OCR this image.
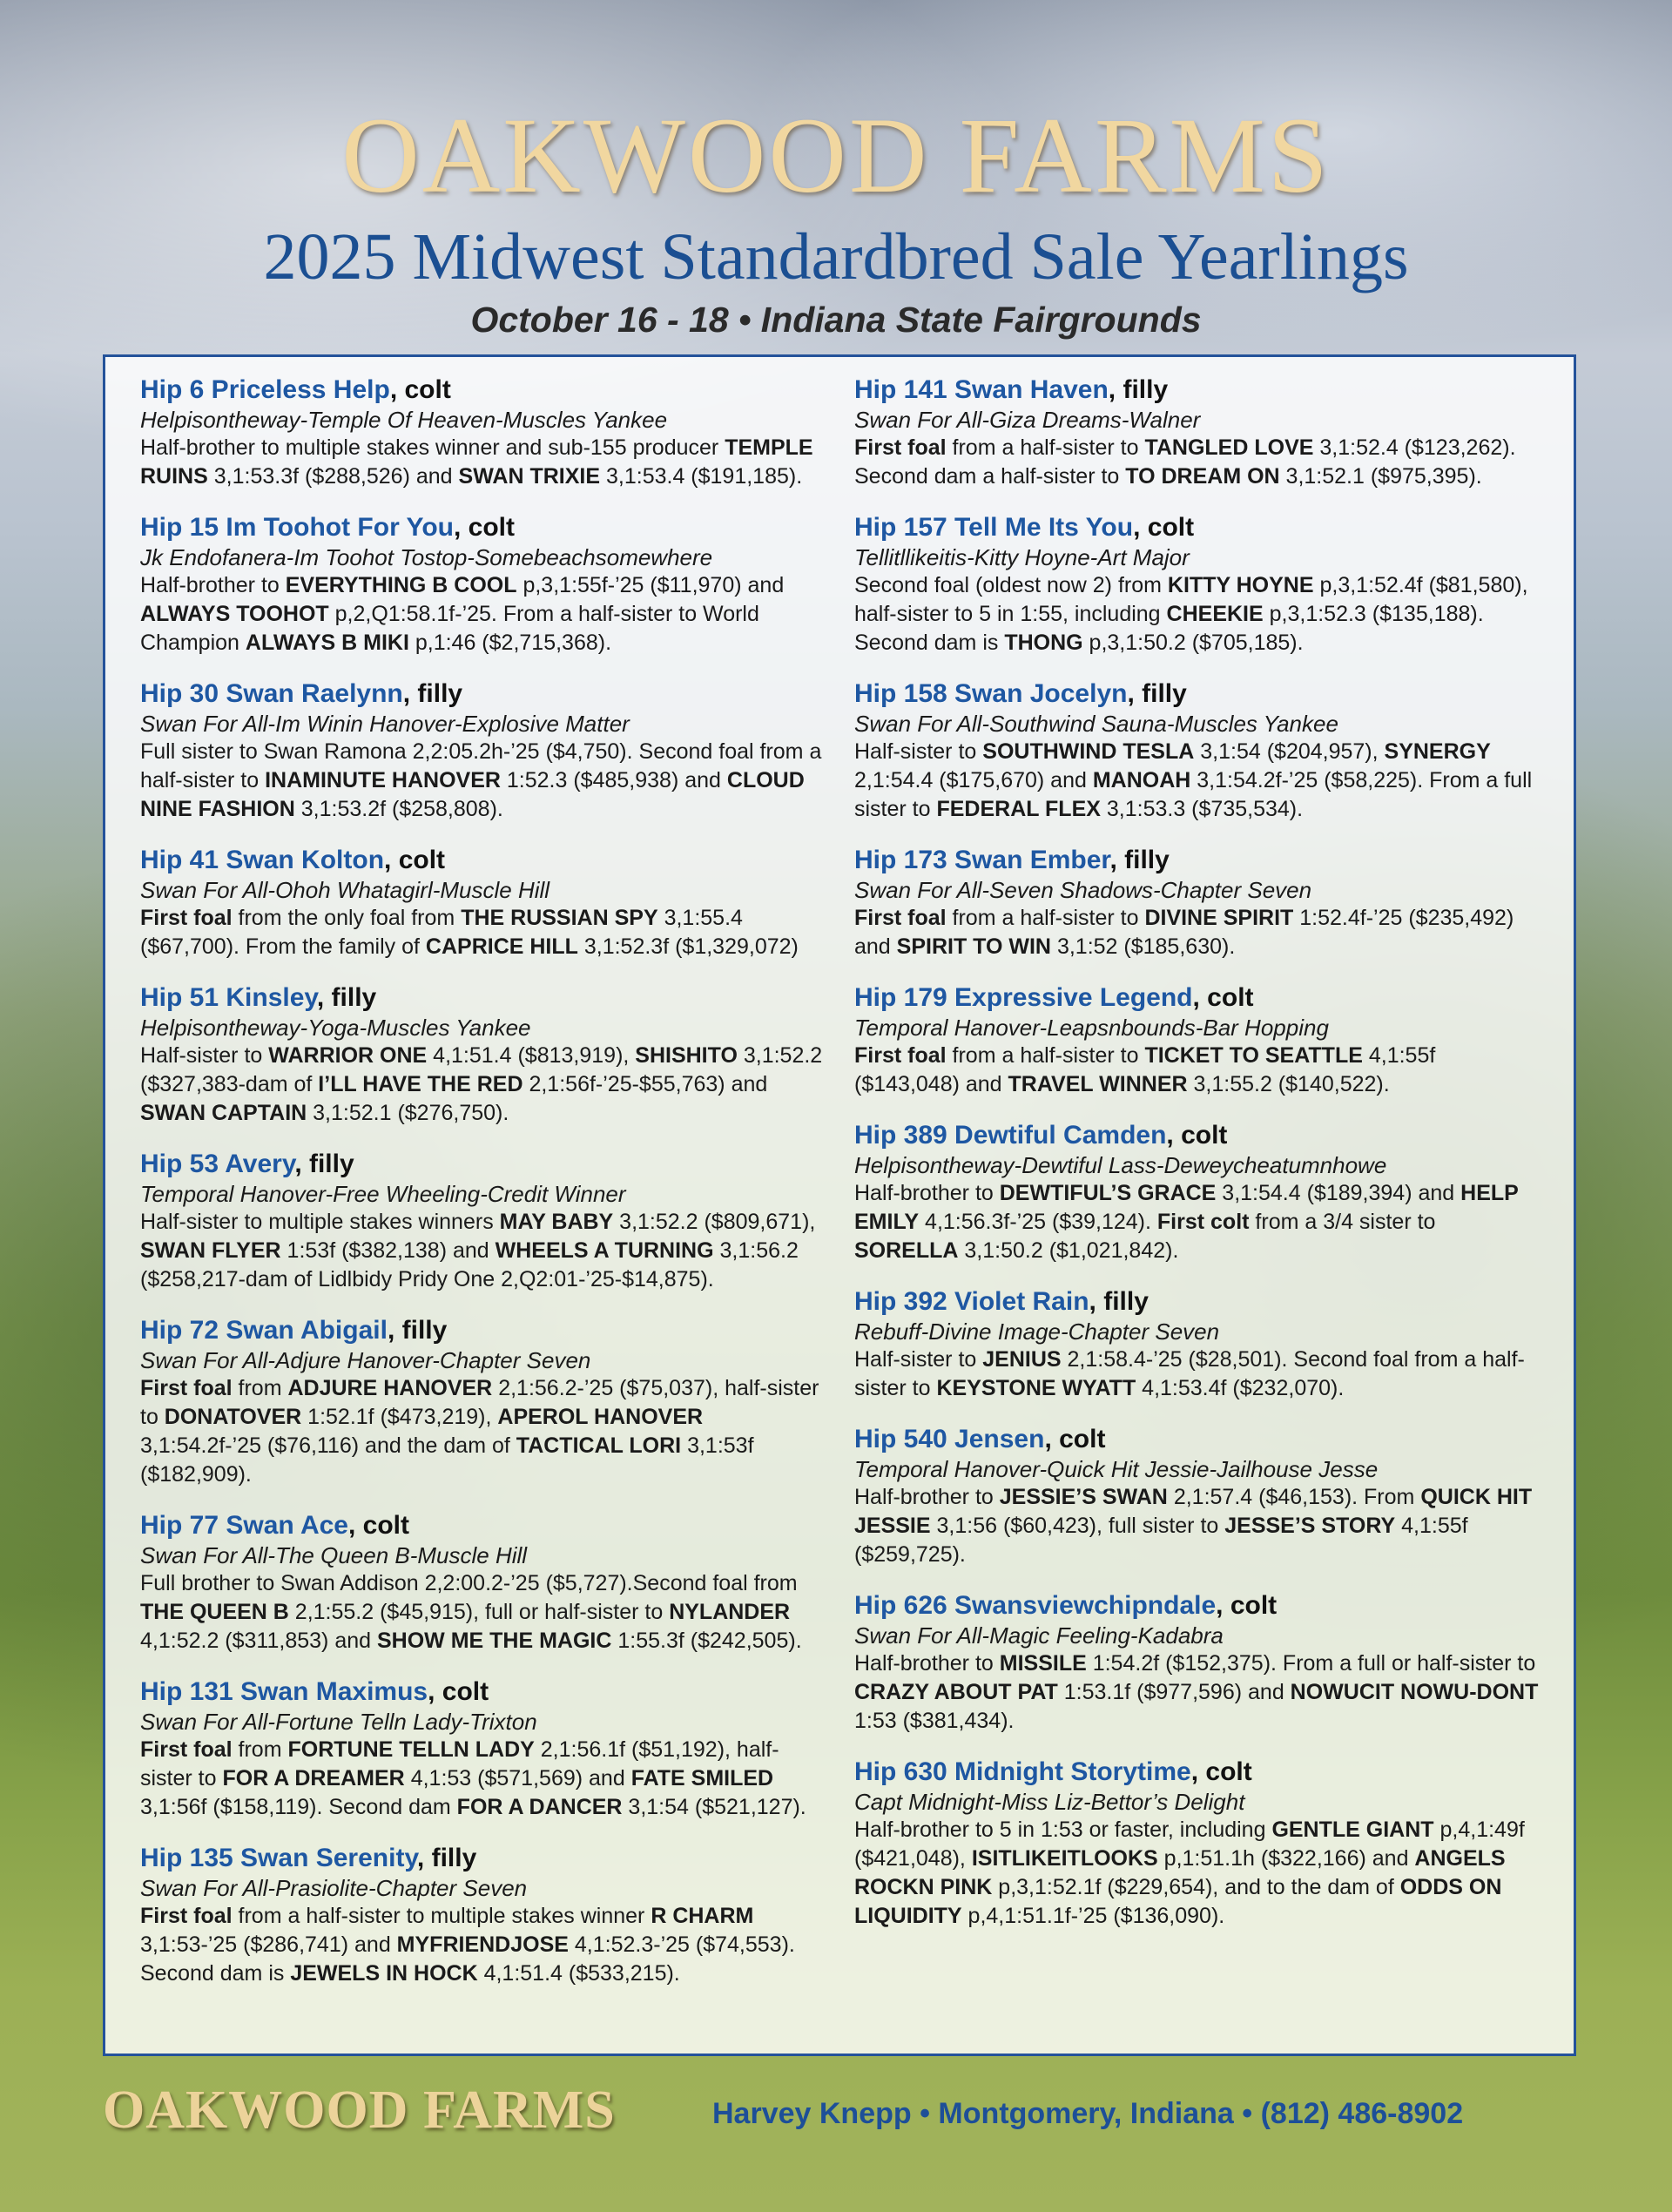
OAKWOOD FARMS
2025 Midwest Standardbred Sale Yearlings
October 16 - 18 • Indiana State Fairgrounds
Hip 6 Priceless Help, colt
Helpisontheway-Temple Of Heaven-Muscles Yankee
Half-brother to multiple stakes winner and sub-155 producer TEMPLE RUINS 3,1:53.3f ($288,526) and SWAN TRIXIE 3,1:53.4 ($191,185).
Hip 15 Im Toohot For You, colt
Jk Endofanera-Im Toohot Tostop-Somebeachsomewhere
Half-brother to EVERYTHING B COOL p,3,1:55f-’25 ($11,970) and ALWAYS TOOHOT p,2,Q1:58.1f-’25. From a half-sister to World Champion ALWAYS B MIKI p,1:46 ($2,715,368).
Hip 30 Swan Raelynn, filly
Swan For All-Im Winin Hanover-Explosive Matter
Full sister to Swan Ramona 2,2:05.2h-’25 ($4,750). Second foal from a half-sister to INAMINUTE HANOVER 1:52.3 ($485,938) and CLOUD NINE FASHION 3,1:53.2f ($258,808).
Hip 41 Swan Kolton, colt
Swan For All-Ohoh Whatagirl-Muscle Hill
First foal from the only foal from THE RUSSIAN SPY 3,1:55.4 ($67,700). From the family of CAPRICE HILL 3,1:52.3f ($1,329,072)
Hip 51 Kinsley, filly
Helpisontheway-Yoga-Muscles Yankee
Half-sister to WARRIOR ONE 4,1:51.4 ($813,919), SHISHITO 3,1:52.2 ($327,383-dam of I’LL HAVE THE RED 2,1:56f-’25-$55,763) and SWAN CAPTAIN 3,1:52.1 ($276,750).
Hip 53 Avery, filly
Temporal Hanover-Free Wheeling-Credit Winner
Half-sister to multiple stakes winners MAY BABY 3,1:52.2 ($809,671), SWAN FLYER 1:53f ($382,138) and WHEELS A TURNING 3,1:56.2 ($258,217-dam of Lidlbidy Pridy One 2,Q2:01-’25-$14,875).
Hip 72 Swan Abigail, filly
Swan For All-Adjure Hanover-Chapter Seven
First foal from ADJURE HANOVER 2,1:56.2-’25 ($75,037), half-sister to DONATOVER 1:52.1f ($473,219), APEROL HANOVER 3,1:54.2f-’25 ($76,116) and the dam of TACTICAL LORI 3,1:53f ($182,909).
Hip 77 Swan Ace, colt
Swan For All-The Queen B-Muscle Hill
Full brother to Swan Addison 2,2:00.2-’25 ($5,727).Second foal from THE QUEEN B 2,1:55.2 ($45,915), full or half-sister to NYLANDER 4,1:52.2 ($311,853) and SHOW ME THE MAGIC 1:55.3f ($242,505).
Hip 131 Swan Maximus, colt
Swan For All-Fortune Telln Lady-Trixton
First foal from FORTUNE TELLN LADY 2,1:56.1f ($51,192), half-sister to FOR A DREAMER 4,1:53 ($571,569) and FATE SMILED 3,1:56f ($158,119). Second dam FOR A DANCER 3,1:54 ($521,127).
Hip 135 Swan Serenity, filly
Swan For All-Prasiolite-Chapter Seven
First foal from a half-sister to multiple stakes winner R CHARM 3,1:53-’25 ($286,741) and MYFRIENDJOSE 4,1:52.3-’25 ($74,553). Second dam is JEWELS IN HOCK 4,1:51.4 ($533,215).
Hip 141 Swan Haven, filly
Swan For All-Giza Dreams-Walner
First foal from a half-sister to TANGLED LOVE 3,1:52.4 ($123,262). Second dam a half-sister to TO DREAM ON 3,1:52.1 ($975,395).
Hip 157 Tell Me Its You, colt
Tellitllikeitis-Kitty Hoyne-Art Major
Second foal (oldest now 2) from KITTY HOYNE p,3,1:52.4f ($81,580), half-sister to 5 in 1:55, including CHEEKIE p,3,1:52.3 ($135,188). Second dam is THONG p,3,1:50.2 ($705,185).
Hip 158 Swan Jocelyn, filly
Swan For All-Southwind Sauna-Muscles Yankee
Half-sister to SOUTHWIND TESLA 3,1:54 ($204,957), SYNERGY 2,1:54.4 ($175,670) and MANOAH 3,1:54.2f-’25 ($58,225). From a full sister to FEDERAL FLEX 3,1:53.3 ($735,534).
Hip 173 Swan Ember, filly
Swan For All-Seven Shadows-Chapter Seven
First foal from a half-sister to DIVINE SPIRIT 1:52.4f-’25 ($235,492) and SPIRIT TO WIN 3,1:52 ($185,630).
Hip 179 Expressive Legend, colt
Temporal Hanover-Leapsnbounds-Bar Hopping
First foal from a half-sister to TICKET TO SEATTLE 4,1:55f ($143,048) and TRAVEL WINNER 3,1:55.2 ($140,522).
Hip 389 Dewtiful Camden, colt
Helpisontheway-Dewtiful Lass-Deweycheatumnhowe
Half-brother to DEWTIFUL’S GRACE 3,1:54.4 ($189,394) and HELP EMILY 4,1:56.3f-’25 ($39,124). First colt from a 3/4 sister to SORELLA 3,1:50.2 ($1,021,842).
Hip 392 Violet Rain, filly
Rebuff-Divine Image-Chapter Seven
Half-sister to JENIUS 2,1:58.4-’25 ($28,501). Second foal from a half-sister to KEYSTONE WYATT 4,1:53.4f ($232,070).
Hip 540 Jensen, colt
Temporal Hanover-Quick Hit Jessie-Jailhouse Jesse
Half-brother to JESSIE’S SWAN 2,1:57.4 ($46,153). From QUICK HIT JESSIE 3,1:56 ($60,423), full sister to JESSE’S STORY 4,1:55f ($259,725).
Hip 626 Swansviewchipndale, colt
Swan For All-Magic Feeling-Kadabra
Half-brother to MISSILE 1:54.2f ($152,375). From a full or half-sister to CRAZY ABOUT PAT 1:53.1f ($977,596) and NOWUCIT NOWU-DONT 1:53 ($381,434).
Hip 630 Midnight Storytime, colt
Capt Midnight-Miss Liz-Bettor’s Delight
Half-brother to 5 in 1:53 or faster, including GENTLE GIANT p,4,1:49f ($421,048), ISITLIKEITLOOKS p,1:51.1h ($322,166) and ANGELS ROCKN PINK p,3,1:52.1f ($229,654), and to the dam of ODDS ON LIQUIDITY p,4,1:51.1f-’25 ($136,090).
OAKWOOD FARMS	Harvey Knepp • Montgomery, Indiana • (812) 486-8902
